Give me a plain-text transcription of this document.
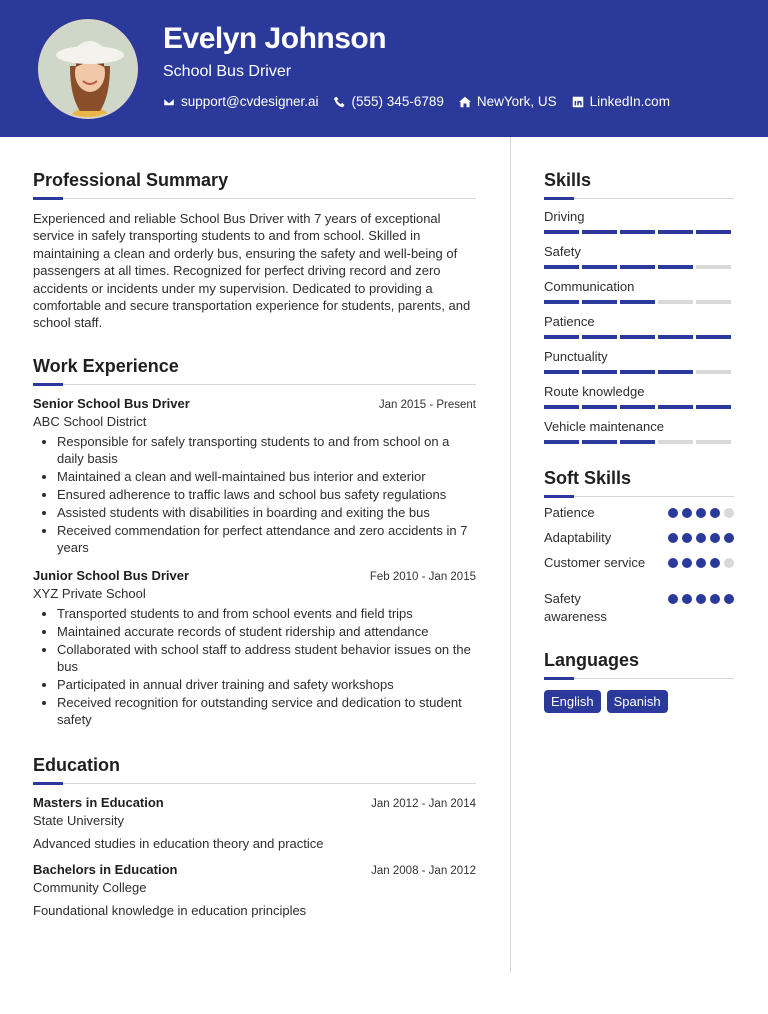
Evelyn Johnson
School Bus Driver
support@cvdesigner.ai (555) 345-6789 NewYork, US LinkedIn.com
Professional Summary

Experienced and reliable School Bus Driver with 7 years of exceptional service in safely transporting students to and from school. Skilled in maintaining a clean and orderly bus, ensuring the safety and well-being of passengers at all times. Recognized for perfect driving record and zero accidents or incidents under my supervision. Dedicated to providing a comfortable and secure transportation experience for students, parents, and school staff.

Work Experience
Senior School Bus Driver	Jan 2015 - Present
ABC School District
• Responsible for safely transporting students to and from school on a daily basis
• Maintained a clean and well-maintained bus interior and exterior
• Ensured adherence to traffic laws and school bus safety regulations
• Assisted students with disabilities in boarding and exiting the bus
• Received commendation for perfect attendance and zero accidents in 7 years
Junior School Bus Driver	Feb 2010 - Jan 2015
XYZ Private School
• Transported students to and from school events and field trips
• Maintained accurate records of student ridership and attendance
• Collaborated with school staff to address student behavior issues on the bus
• Participated in annual driver training and safety workshops
• Received recognition for outstanding service and dedication to student safety
Education
Masters in Education	Jan 2012 - Jan 2014
State University
Advanced studies in education theory and practice
Bachelors in Education	Jan 2008 - Jan 2012
Community College
Foundational knowledge in education principles
Skills
Driving
Safety
Communication
Patience
Punctuality
Route knowledge
Vehicle maintenance
Soft Skills
Patience
Adaptability
Customer service
Safety awareness
Languages
English	Spanish
